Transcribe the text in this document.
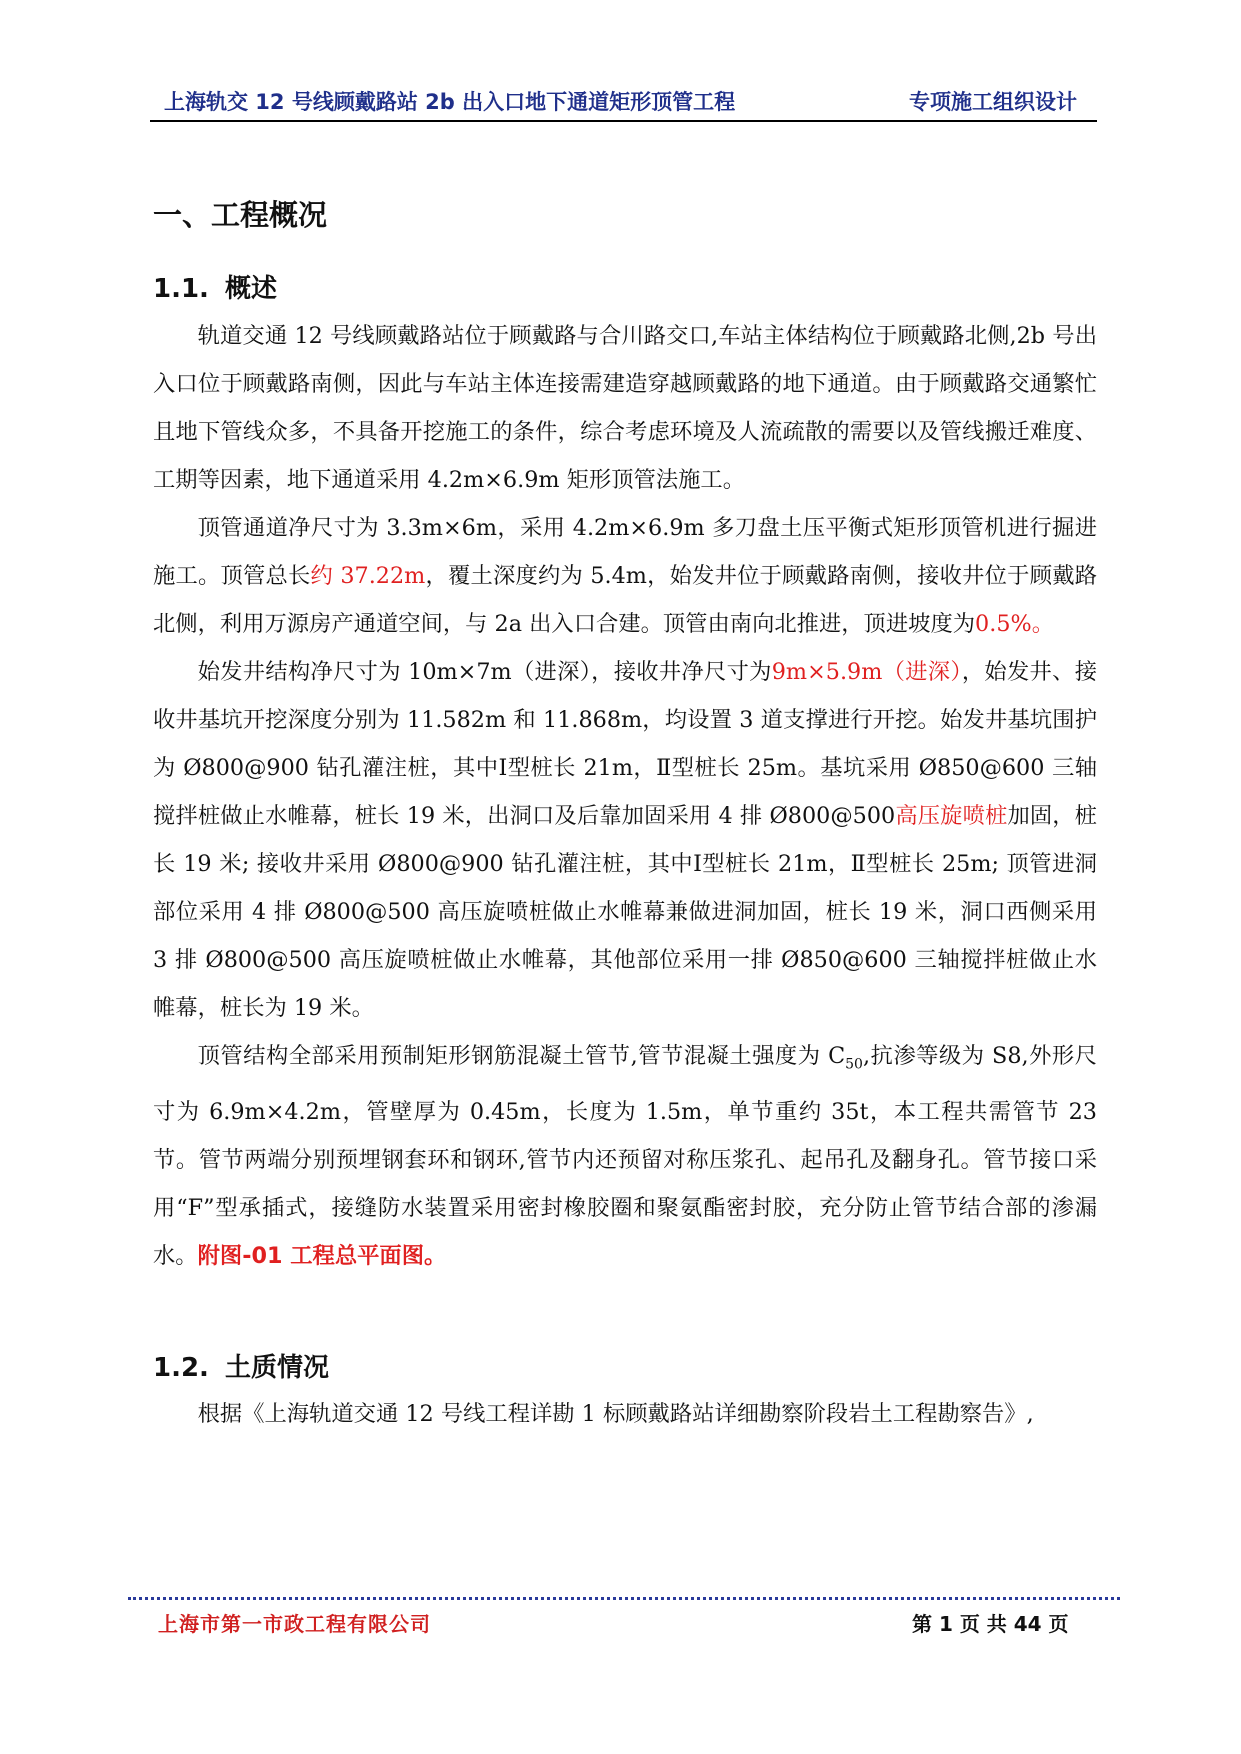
上海轨交 12 号线顾戴路站 2b 出入口地下通道矩形顶管工程	专项施工组织设计
一、工程概况
1.1. 概述

轨道交通 12 号线顾戴路站位于顾戴路与合川路交口,车站主体结构位于顾戴路北侧,2b 号出入口位于顾戴路南侧，因此与车站主体连接需建造穿越顾戴路的地下通道。由于顾戴路交通繁忙且地下管线众多，不具备开挖施工的条件，综合考虑环境及人流疏散的需要以及管线搬迁难度、工期等因素，地下通道采用 4.2m×6.9m 矩形顶管法施工。

顶管通道净尺寸为 3.3m×6m，采用 4.2m×6.9m 多刀盘土压平衡式矩形顶管机进行掘进施工。顶管总长约 37.22m，覆土深度约为 5.4m，始发井位于顾戴路南侧，接收井位于顾戴路北侧，利用万源房产通道空间，与 2a 出入口合建。顶管由南向北推进，顶进坡度为0.5%。

始发井结构净尺寸为 10m×7m（进深），接收井净尺寸为9m×5.9m（进深），始发井、接收井基坑开挖深度分别为 11.582m 和 11.868m，均设置 3 道支撑进行开挖。始发井基坑围护为 Ø800@900 钻孔灌注桩，其中Ⅰ型桩长 21m，Ⅱ型桩长 25m。基坑采用 Ø850@600 三轴搅拌桩做止水帷幕，桩长 19 米，出洞口及后靠加固采用 4 排 Ø800@500高压旋喷桩加固，桩长 19 米; 接收井采用 Ø800@900 钻孔灌注桩，其中Ⅰ型桩长 21m，Ⅱ型桩长 25m; 顶管进洞部位采用 4 排 Ø800@500 高压旋喷桩做止水帷幕兼做进洞加固，桩长 19 米，洞口西侧采用 3 排 Ø800@500 高压旋喷桩做止水帷幕，其他部位采用一排 Ø850@600 三轴搅拌桩做止水帷幕，桩长为 19 米。

顶管结构全部采用预制矩形钢筋混凝土管节,管节混凝土强度为 $C_{50}$,抗渗等级为 S8,外形尺寸为 6.9m×4.2m，管壁厚为 0.45m，长度为 1.5m，单节重约 35t，本工程共需管节 23 节。管节两端分别预埋钢套环和钢环,管节内还预留对称压浆孔、起吊孔及翻身孔。管节接口采用“F”型承插式，接缝防水装置采用密封橡胶圈和聚氨酯密封胶，充分防止管节结合部的渗漏水。附图-01 工程总平面图。

1.2. 土质情况

根据《上海轨道交通 12 号线工程详勘 1 标顾戴路站详细勘察阶段岩土工程勘察告》,

上海市第一市政工程有限公司	第 1 页 共 44 页
